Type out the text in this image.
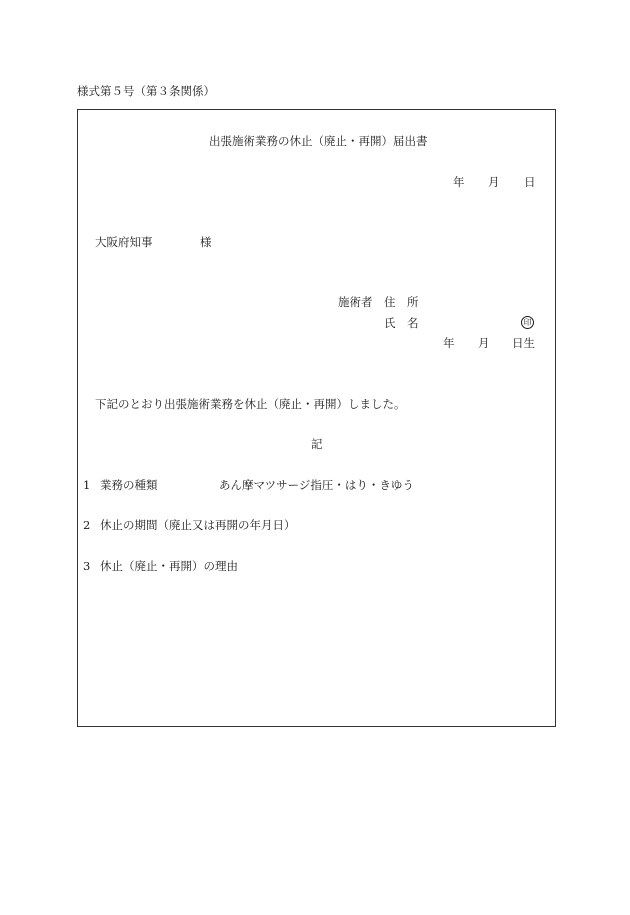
様式第５号（第３条関係）
出張施術業務の休止（廃止・再開）届出書
年 月 日
大阪府知事	様
施術者 住　所
氏　名	印
年 月 日生
下記のとおり出張施術業務を休止（廃止・再開）しました。
記
1 業務の種類	あん摩マツサージ指圧・はり・きゆう
2 休止の期間（廃止又は再開の年月日）
3 休止（廃止・再開）の理由
